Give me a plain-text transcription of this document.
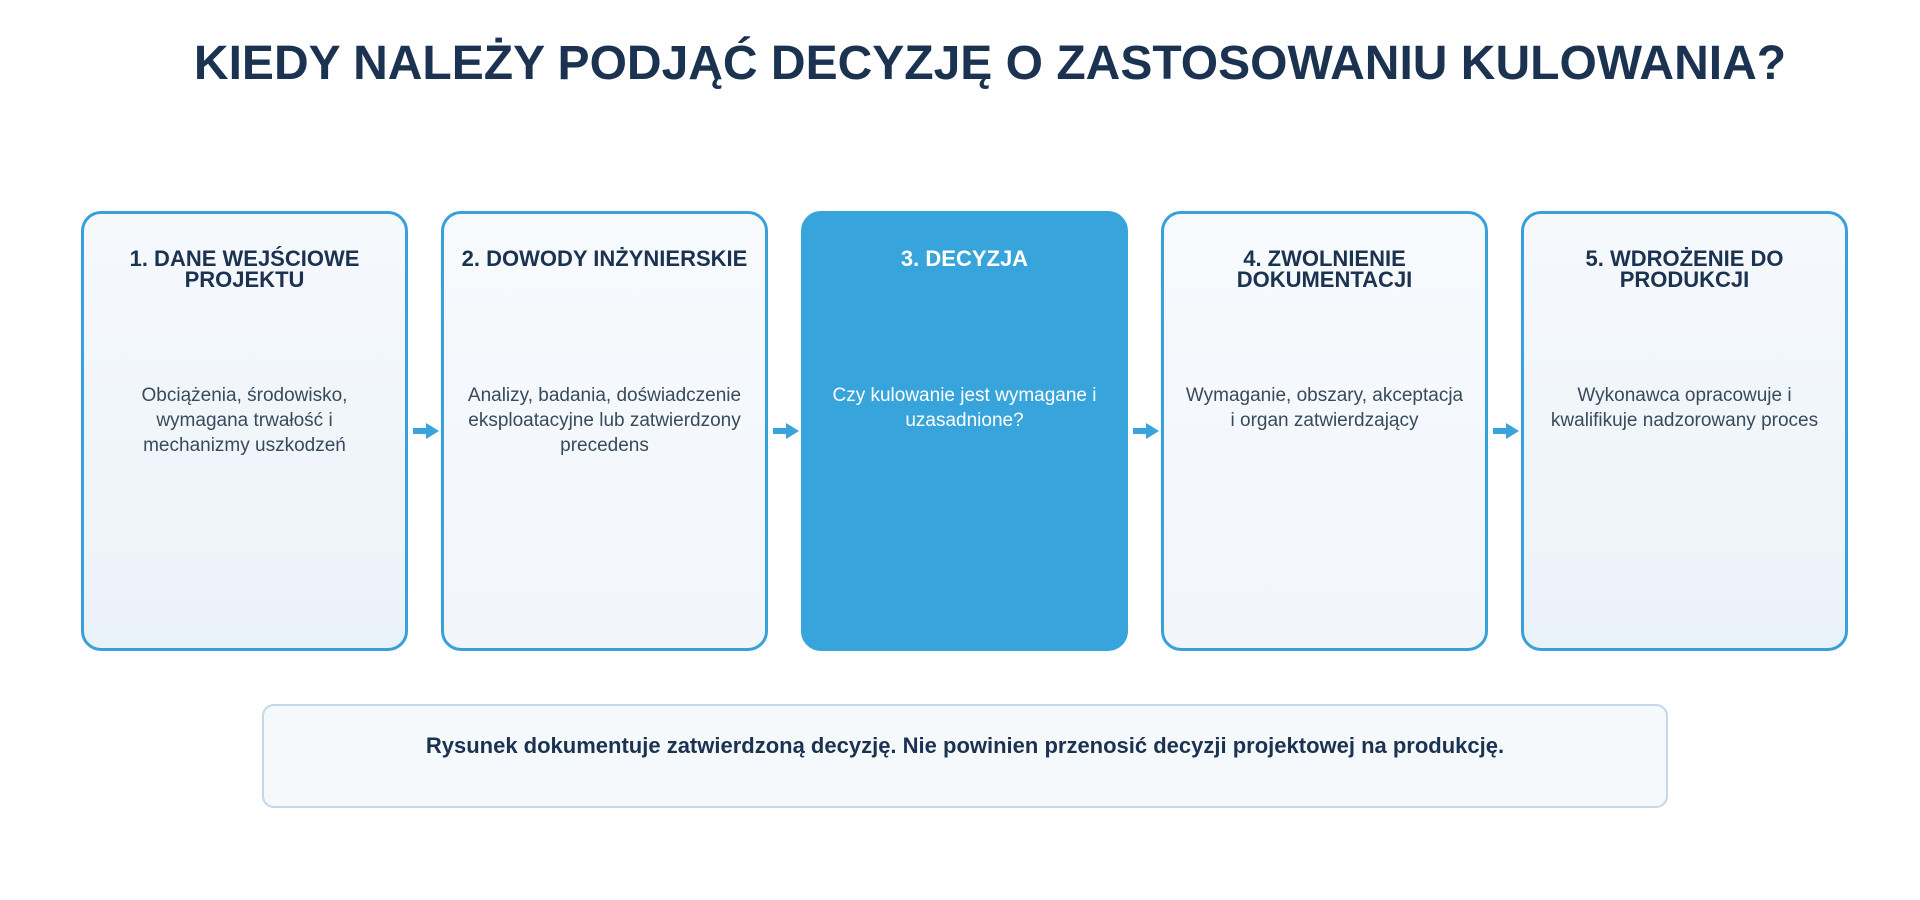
KIEDY NALEŻY PODJĄĆ DECYZJĘ O ZASTOSOWANIU KULOWANIA?

1. DANE WEJŚCIOWE PROJEKTU

Obciążenia, środowisko, wymagana trwałość i mechanizmy uszkodzeń

2. DOWODY INŻYNIERSKIE

Analizy, badania, doświadczenie eksploatacyjne lub zatwierdzony precedens

3. DECYZJA

Czy kulowanie jest wymagane i uzasadnione?

4. ZWOLNIENIE DOKUMENTACJI

Wymaganie, obszary, akceptacja i organ zatwierdzający

5. WDROŻENIE DO PRODUKCJI

Wykonawca opracowuje i kwalifikuje nadzorowany proces
Rysunek dokumentuje zatwierdzoną decyzję. Nie powinien przenosić decyzji projektowej na produkcję.
